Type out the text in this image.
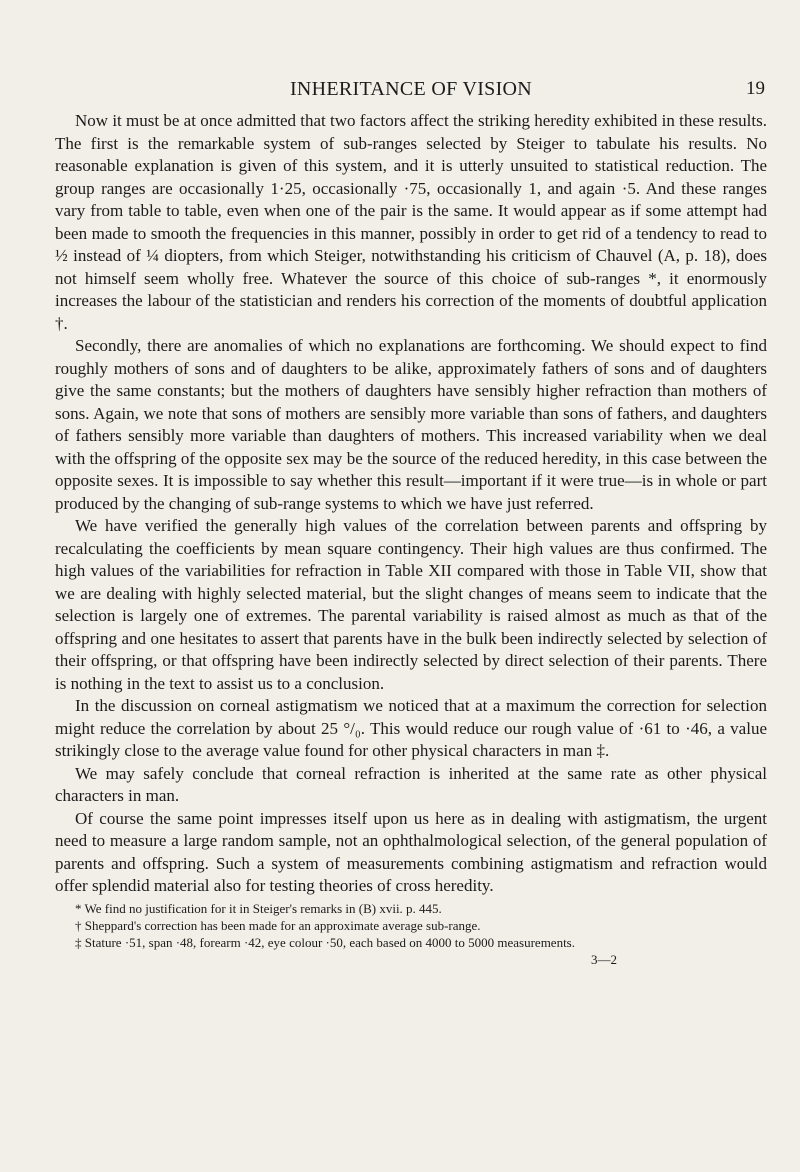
INHERITANCE OF VISION	19

Now it must be at once admitted that two factors affect the striking heredity exhibited in these results. The first is the remarkable system of sub-ranges selected by Steiger to tabulate his results. No reasonable explanation is given of this system, and it is utterly unsuited to statistical reduction. The group ranges are occasionally 1·25, occasionally ·75, occasionally 1, and again ·5. And these ranges vary from table to table, even when one of the pair is the same. It would appear as if some attempt had been made to smooth the frequencies in this manner, possibly in order to get rid of a tendency to read to ½ instead of ¼ diopters, from which Steiger, notwithstanding his criticism of Chauvel (A, p. 18), does not himself seem wholly free. Whatever the source of this choice of sub-ranges *, it enormously increases the labour of the statistician and renders his correction of the moments of doubtful application †.

Secondly, there are anomalies of which no explanations are forthcoming. We should expect to find roughly mothers of sons and of daughters to be alike, approximately fathers of sons and of daughters give the same constants; but the mothers of daughters have sensibly higher refraction than mothers of sons. Again, we note that sons of mothers are sensibly more variable than sons of fathers, and daughters of fathers sensibly more variable than daughters of mothers. This increased variability when we deal with the offspring of the opposite sex may be the source of the reduced heredity, in this case between the opposite sexes. It is impossible to say whether this result—important if it were true—is in whole or part produced by the changing of sub-range systems to which we have just referred.

We have verified the generally high values of the correlation between parents and offspring by recalculating the coefficients by mean square contingency. Their high values are thus confirmed. The high values of the variabilities for refraction in Table XII compared with those in Table VII, show that we are dealing with highly selected material, but the slight changes of means seem to indicate that the selection is largely one of extremes. The parental variability is raised almost as much as that of the offspring and one hesitates to assert that parents have in the bulk been indirectly selected by selection of their offspring, or that offspring have been indirectly selected by direct selection of their parents. There is nothing in the text to assist us to a conclusion.

In the discussion on corneal astigmatism we noticed that at a maximum the correction for selection might reduce the correlation by about 25 °/₀. This would reduce our rough value of ·61 to ·46, a value strikingly close to the average value found for other physical characters in man ‡.

We may safely conclude that corneal refraction is inherited at the same rate as other physical characters in man.

Of course the same point impresses itself upon us here as in dealing with astigmatism, the urgent need to measure a large random sample, not an ophthalmological selection, of the general population of parents and offspring. Such a system of measurements combining astigmatism and refraction would offer splendid material also for testing theories of cross heredity.

* We find no justification for it in Steiger's remarks in (B) xvii. p. 445.
† Sheppard's correction has been made for an approximate average sub-range.
‡ Stature ·51, span ·48, forearm ·42, eye colour ·50, each based on 4000 to 5000 measurements.
3—2
